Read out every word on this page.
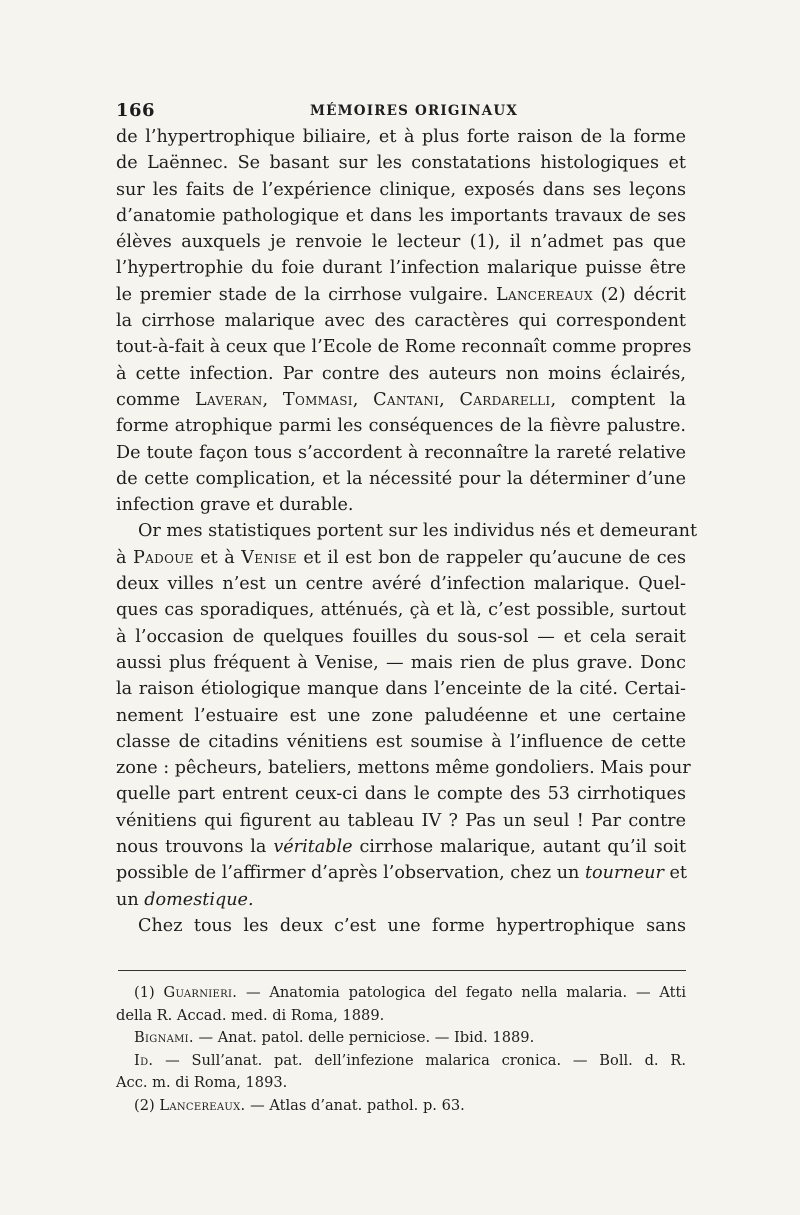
166	MÉMOIRES ORIGINAUX
de l’hypertrophique biliaire, et à plus forte raison de la forme
de Laënnec. Se basant sur les constatations histologiques et
sur les faits de l’expérience clinique, exposés dans ses leçons
d’anatomie pathologique et dans les importants travaux de ses
élèves auxquels je renvoie le lecteur (1), il n’admet pas que
l’hypertrophie du foie durant l’infection malarique puisse être
le premier stade de la cirrhose vulgaire. Lancereaux (2) décrit
la cirrhose malarique avec des caractères qui correspondent
tout-à-fait à ceux que l’Ecole de Rome reconnaît comme propres
à cette infection. Par contre des auteurs non moins éclairés,
comme Laveran, Tommasi, Cantani, Cardarelli, comptent la
forme atrophique parmi les conséquences de la fièvre palustre.
De toute façon tous s’accordent à reconnaître la rareté relative
de cette complication, et la nécessité pour la déterminer d’une
infection grave et durable.
Or mes statistiques portent sur les individus nés et demeurant
à Padoue et à Venise et il est bon de rappeler qu’aucune de ces
deux villes n’est un centre avéré d’infection malarique. Quel-
ques cas sporadiques, atténués, çà et là, c’est possible, surtout
à l’occasion de quelques fouilles du sous-sol — et cela serait
aussi plus fréquent à Venise, — mais rien de plus grave. Donc
la raison étiologique manque dans l’enceinte de la cité. Certai-
nement l’estuaire est une zone paludéenne et une certaine
classe de citadins vénitiens est soumise à l’influence de cette
zone : pêcheurs, bateliers, mettons même gondoliers. Mais pour
quelle part entrent ceux-ci dans le compte des 53 cirrhotiques
vénitiens qui figurent au tableau IV ? Pas un seul ! Par contre
nous trouvons la véritable cirrhose malarique, autant qu’il soit
possible de l’affirmer d’après l’observation, chez un tourneur et
un domestique.
Chez tous les deux c’est une forme hypertrophique sans
(1) Guarnieri. — Anatomia patologica del fegato nella malaria. — Atti
della R. Accad. med. di Roma, 1889.
Bignami. — Anat. patol. delle perniciose. — Ibid. 1889.
Id. — Sull’anat. pat. dell’infezione malarica cronica. — Boll. d. R.
Acc. m. di Roma, 1893.
(2) Lancereaux. — Atlas d’anat. pathol. p. 63.
